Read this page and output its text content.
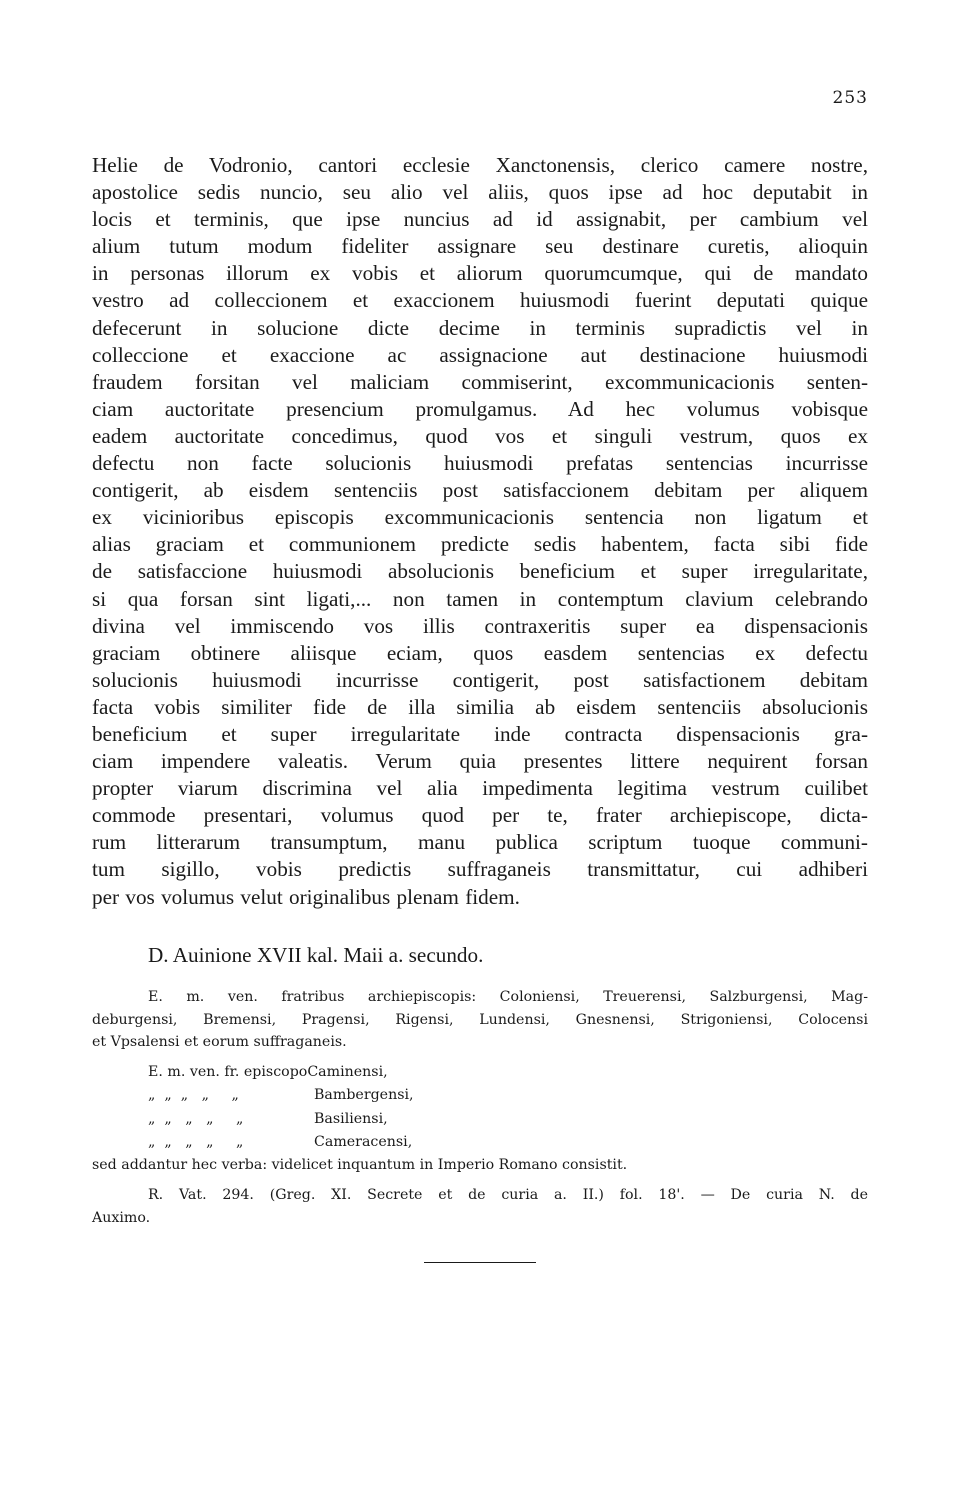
253
Helie de Vodronio, cantori ecclesie Xanctonensis, clerico camere nostre,
apostolice sedis nuncio, seu alio vel aliis, quos ipse ad hoc deputabit in
locis et terminis, que ipse nuncius ad id assignabit, per cambium vel
alium tutum modum fideliter assignare seu destinare curetis, alioquin
in personas illorum ex vobis et aliorum quorumcumque, qui de mandato
vestro ad colleccionem et exaccionem huiusmodi fuerint deputati quique
defecerunt in solucione dicte decime in terminis supradictis vel in
colleccione et exaccione ac assignacione aut destinacione huiusmodi
fraudem forsitan vel maliciam commiserint, excommunicacionis senten-
ciam auctoritate presencium promulgamus. Ad hec volumus vobisque
eadem auctoritate concedimus, quod vos et singuli vestrum, quos ex
defectu non facte solucionis huiusmodi prefatas sentencias incurrisse
contigerit, ab eisdem sentenciis post satisfaccionem debitam per aliquem
ex vicinioribus episcopis excommunicacionis sentencia non ligatum et
alias graciam et communionem predicte sedis habentem, facta sibi fide
de satisfaccione huiusmodi absolucionis beneficium et super irregularitate,
si qua forsan sint ligati,... non tamen in contemptum clavium celebrando
divina vel immiscendo vos illis contraxeritis super ea dispensacionis
graciam obtinere aliisque eciam, quos easdem sentencias ex defectu
solucionis huiusmodi incurrisse contigerit, post satisfactionem debitam
facta vobis similiter fide de illa similia ab eisdem sentenciis absolucionis
beneficium et super irregularitate inde contracta dispensacionis gra-
ciam impendere valeatis. Verum quia presentes littere nequirent forsan
propter viarum discrimina vel alia impedimenta legitima vestrum cuilibet
commode presentari, volumus quod per te, frater archiepiscope, dicta-
rum litterarum transumptum, manu publica scriptum tuoque communi-
tum sigillo, vobis predictis suffraganeis transmittatur, cui adhiberi
per vos volumus velut originalibus plenam fidem.
D. Auinione XVII kal. Maii a. secundo.
E. m. ven. fratribus archiepiscopis: Coloniensi, Treuerensi, Salzburgensi, Mag-
deburgensi, Bremensi, Pragensi, Rigensi, Lundensi, Gnesnensi, Strigoniensi, Colocensi
et Vpsalensi et eorum suffraganeis.
E. m. ven. fr. episcopo Caminensi,
„  „  „   „     „	Bambergensi,
„  „   „   „     „	Basiliensi,
„  „   „   „     „	Cameracensi,
sed addantur hec verba: videlicet inquantum in Imperio Romano consistit.
R. Vat. 294. (Greg. XI. Secrete et de curia a. II.) fol. 18'. — De curia N. de
Auximo.
